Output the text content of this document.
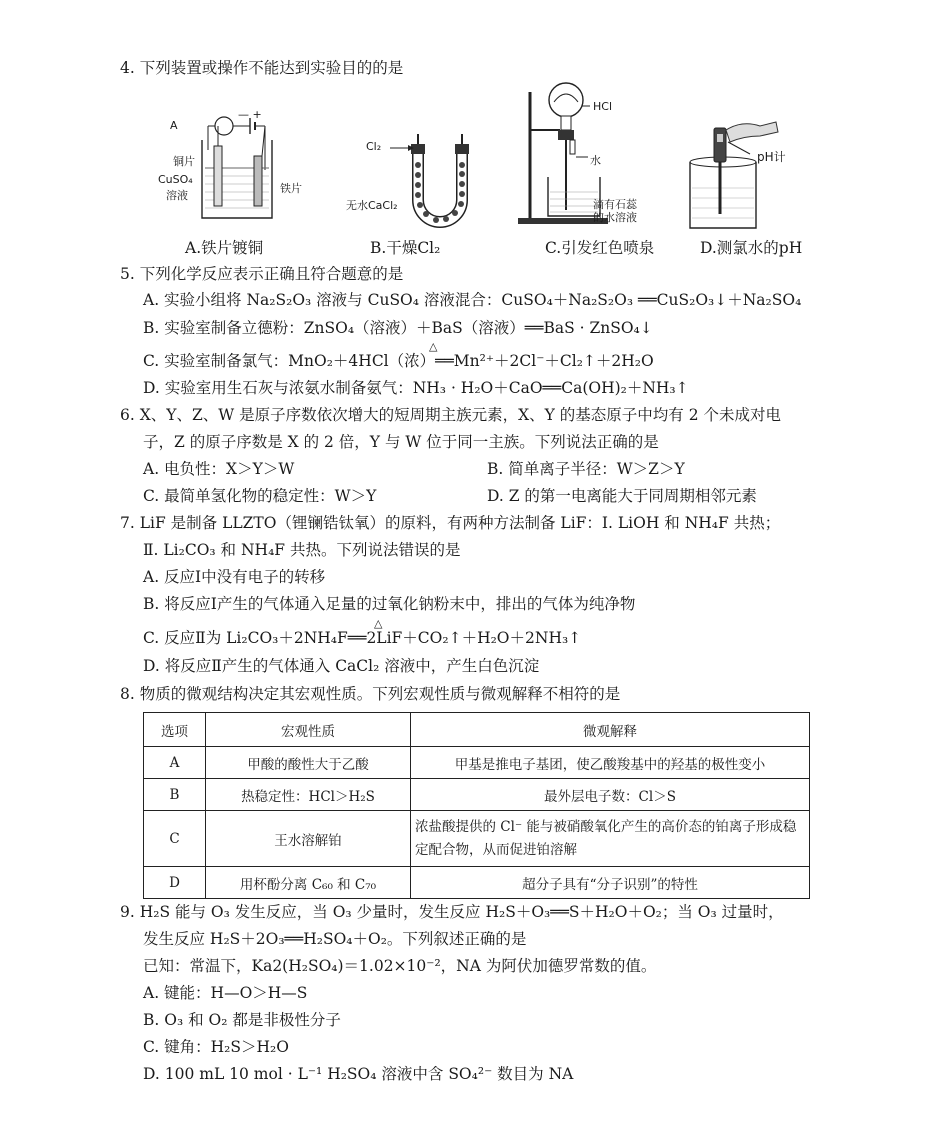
4. 下列装置或操作不能达到实验目的的是
A
— +
铜片
CuSO₄
溶液
铁片
A.铁片镀铜
Cl₂
无水CaCl₂
B.干燥Cl₂
HCl
水
滴有石蕊
的水溶液
C.引发红色喷泉
pH计
D.测氯水的pH
5. 下列化学反应表示正确且符合题意的是
A. 实验小组将 Na₂S₂O₃ 溶液与 CuSO₄ 溶液混合：CuSO₄＋Na₂S₂O₃ ══CuS₂O₃↓＋Na₂SO₄
B. 实验室制备立德粉：ZnSO₄（溶液）＋BaS（溶液）══BaS · ZnSO₄↓
△
C. 实验室制备氯气：MnO₂＋4HCl（浓）══Mn²⁺＋2Cl⁻＋Cl₂↑＋2H₂O
D. 实验室用生石灰与浓氨水制备氨气：NH₃ · H₂O＋CaO══Ca(OH)₂＋NH₃↑
6. X、Y、Z、W 是原子序数依次增大的短周期主族元素，X、Y 的基态原子中均有 2 个未成对电
子，Z 的原子序数是 X 的 2 倍，Y 与 W 位于同一主族。下列说法正确的是
A. 电负性：X＞Y＞W	B. 简单离子半径：W＞Z＞Y
C. 最简单氢化物的稳定性：W＞Y	D. Z 的第一电离能大于同周期相邻元素
7. LiF 是制备 LLZTO（锂镧锆钛氧）的原料，有两种方法制备 LiF：Ⅰ. LiOH 和 NH₄F 共热；
Ⅱ. Li₂CO₃ 和 NH₄F 共热。下列说法错误的是
A. 反应Ⅰ中没有电子的转移
B. 将反应Ⅰ产生的气体通入足量的过氧化钠粉末中，排出的气体为纯净物
△
C. 反应Ⅱ为 Li₂CO₃＋2NH₄F══2LiF＋CO₂↑＋H₂O＋2NH₃↑
D. 将反应Ⅱ产生的气体通入 CaCl₂ 溶液中，产生白色沉淀
8. 物质的微观结构决定其宏观性质。下列宏观性质与微观解释不相符的是
选项	宏观性质	微观解释
A	甲酸的酸性大于乙酸	甲基是推电子基团，使乙酸羧基中的羟基的极性变小
B	热稳定性：HCl＞H₂S	最外层电子数：Cl＞S
C	王水溶解铂	浓盐酸提供的 Cl⁻ 能与被硝酸氧化产生的高价态的铂离子形成稳定配合物，从而促进铂溶解
D	用杯酚分离 C₆₀ 和 C₇₀	超分子具有“分子识别”的特性
9. H₂S 能与 O₃ 发生反应，当 O₃ 少量时，发生反应 H₂S＋O₃══S＋H₂O＋O₂；当 O₃ 过量时，
发生反应 H₂S＋2O₃══H₂SO₄＋O₂。下列叙述正确的是
已知：常温下，Ka2(H₂SO₄)＝1.02×10⁻²，NA 为阿伏加德罗常数的值。
A. 键能：H—O＞H—S
B. O₃ 和 O₂ 都是非极性分子
C. 键角：H₂S＞H₂O
D. 100 mL 10 mol · L⁻¹ H₂SO₄ 溶液中含 SO₄²⁻ 数目为 NA
